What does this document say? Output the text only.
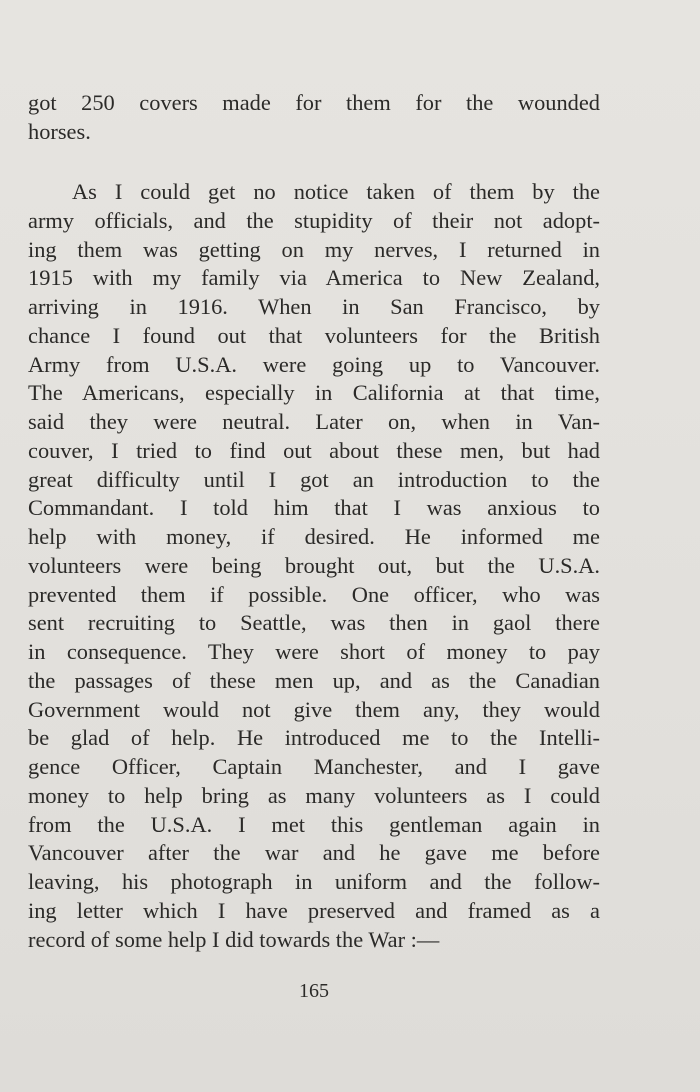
got 250 covers made for them for the wounded
horses.
As I could get no notice taken of them by the
army officials, and the stupidity of their not adopt-
ing them was getting on my nerves, I returned in
1915 with my family via America to New Zealand,
arriving in 1916. When in San Francisco, by
chance I found out that volunteers for the British
Army from U.S.A. were going up to Vancouver.
The Americans, especially in California at that time,
said they were neutral. Later on, when in Van-
couver, I tried to find out about these men, but had
great difficulty until I got an introduction to the
Commandant. I told him that I was anxious to
help with money, if desired. He informed me
volunteers were being brought out, but the U.S.A.
prevented them if possible. One officer, who was
sent recruiting to Seattle, was then in gaol there
in consequence. They were short of money to pay
the passages of these men up, and as the Canadian
Government would not give them any, they would
be glad of help. He introduced me to the Intelli-
gence Officer, Captain Manchester, and I gave
money to help bring as many volunteers as I could
from the U.S.A. I met this gentleman again in
Vancouver after the war and he gave me before
leaving, his photograph in uniform and the follow-
ing letter which I have preserved and framed as a
record of some help I did towards the War :—
165
